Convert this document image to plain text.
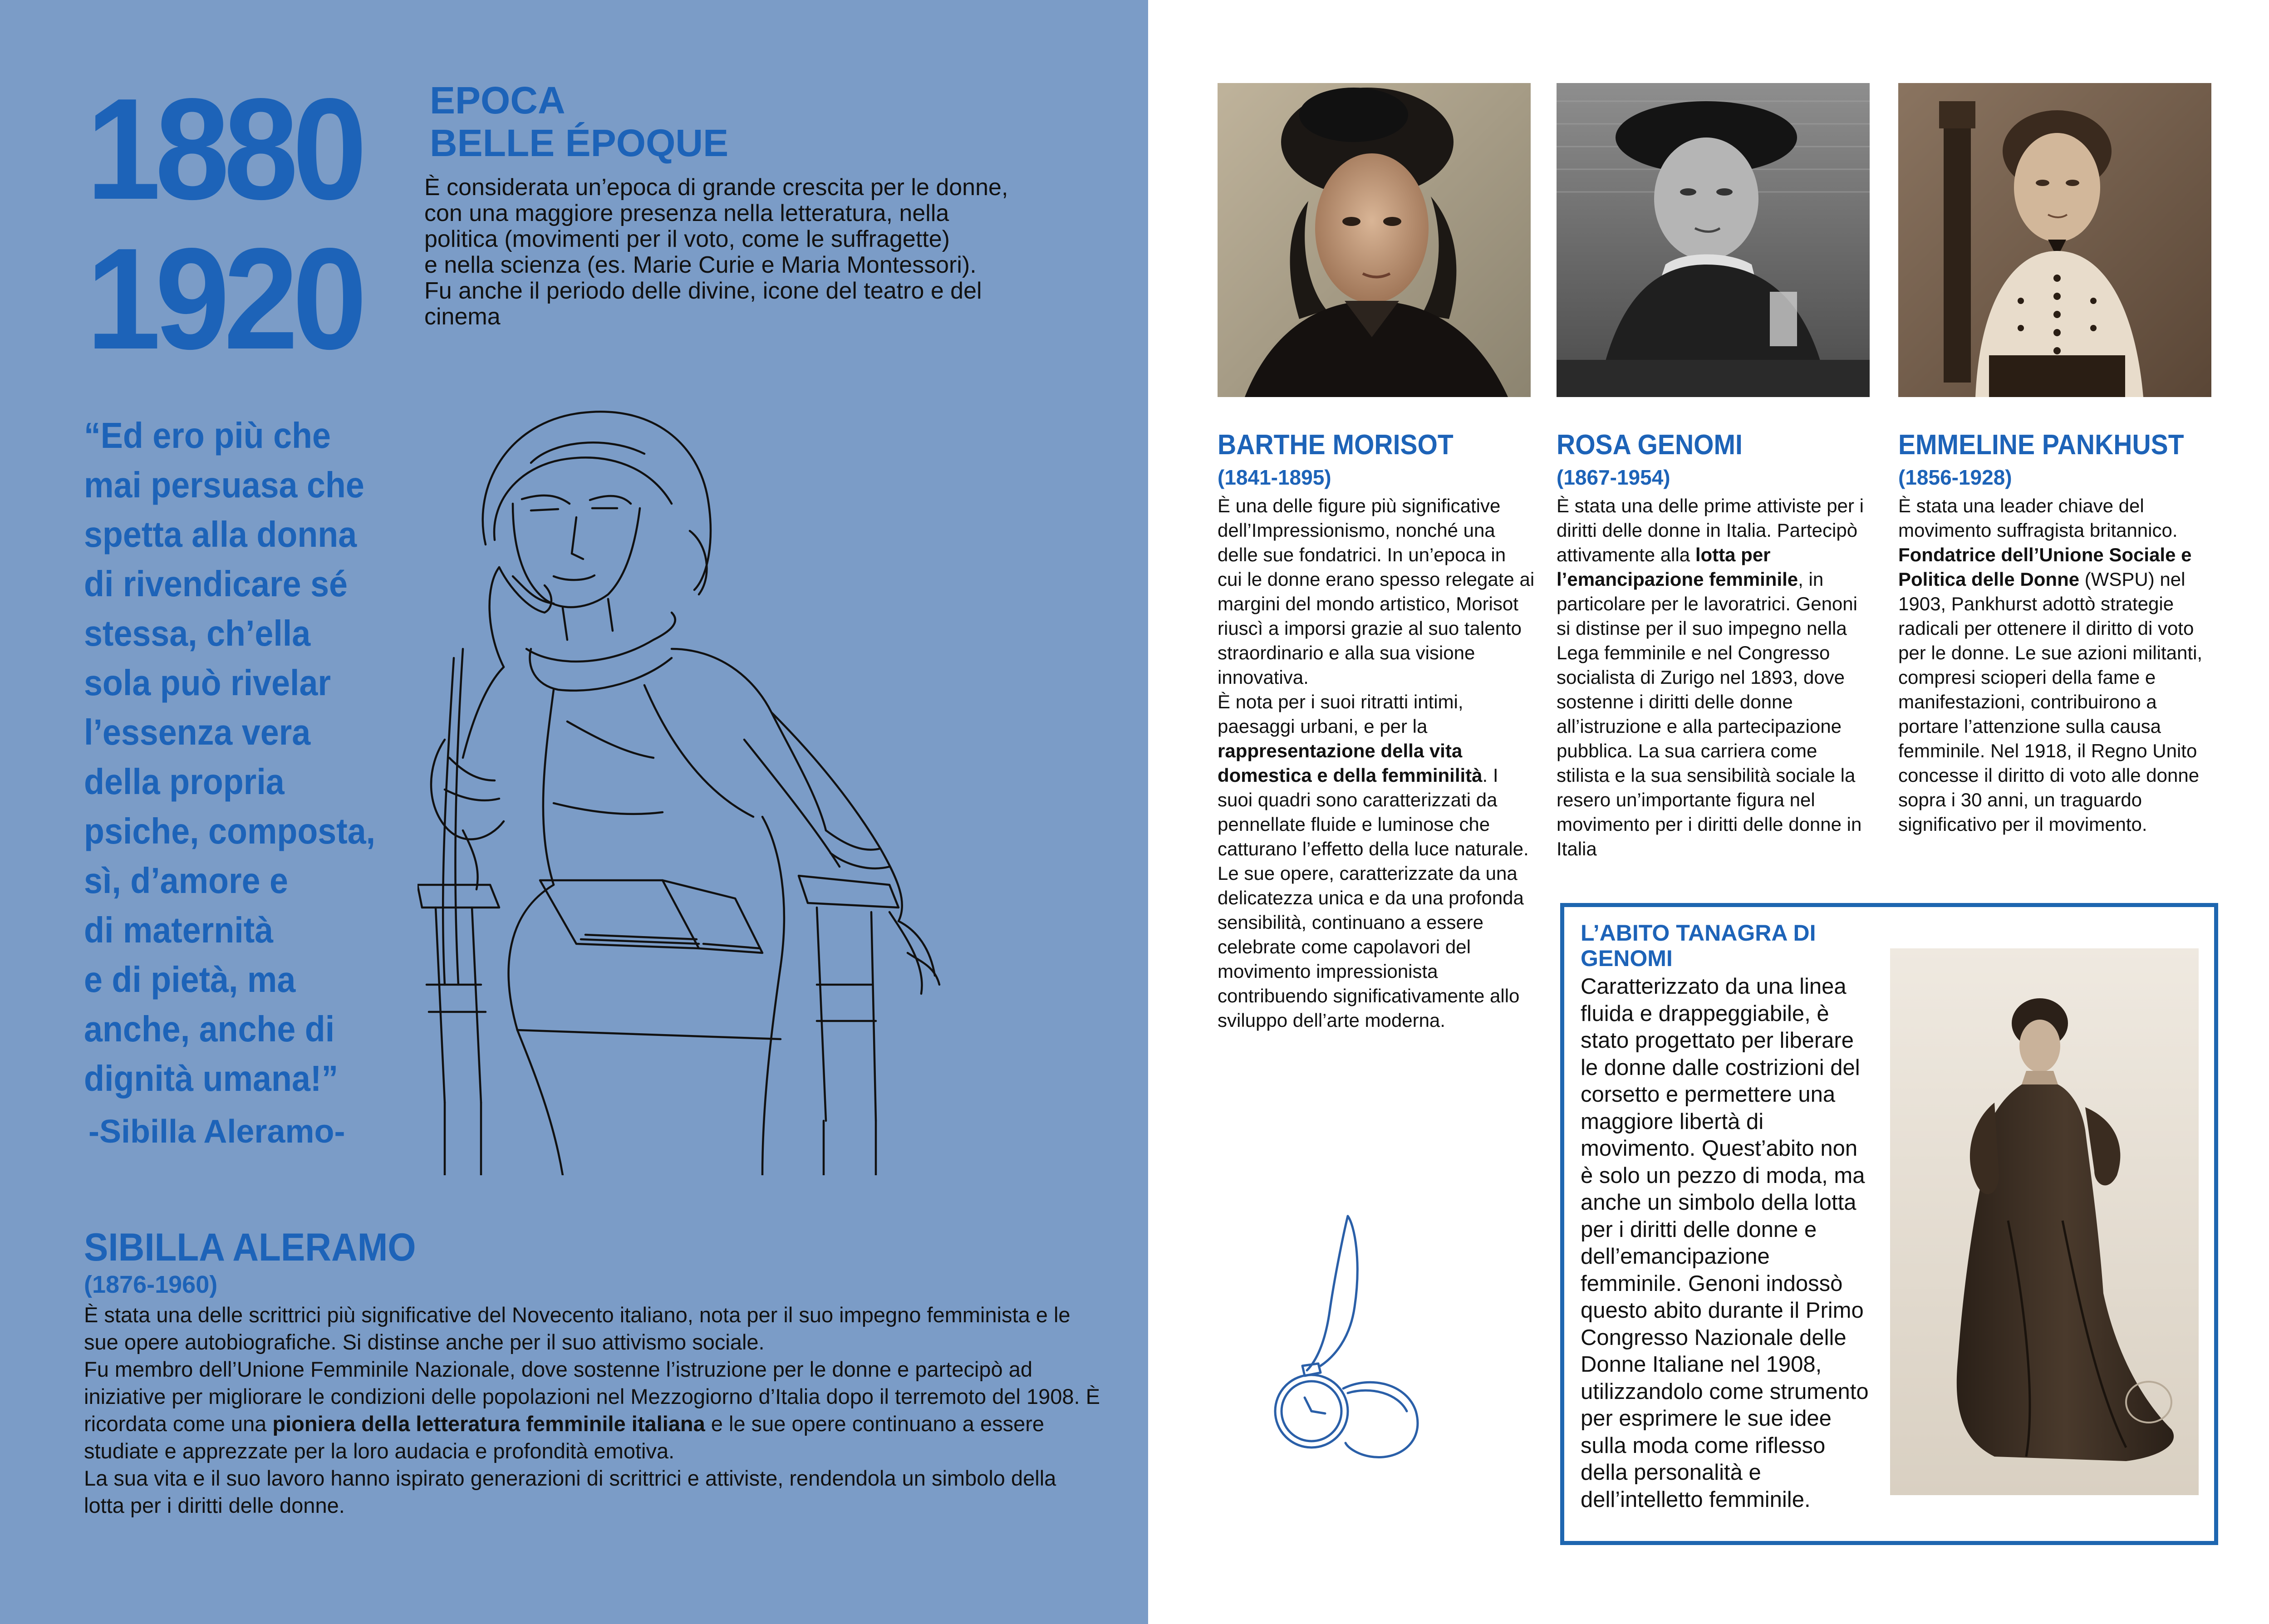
1880
1920
EPOCA
BELLE ÉPOQUE
È considerata un’epoca di grande crescita per le donne,
con una maggiore presenza nella letteratura, nella
politica (movimenti per il voto, come le suffragette)
e nella scienza (es. Marie Curie e Maria Montessori).
Fu anche il periodo delle divine, icone del teatro e del
cinema
“Ed ero più che
mai persuasa che
spetta alla donna
di rivendicare sé
stessa, ch’ella
sola può rivelar
l’essenza vera
della propria
psiche, composta,
sì, d’amore e
di maternità
e di pietà, ma
anche, anche di
dignità umana!”
-Sibilla Aleramo-
SIBILLA ALERAMO
(1876-1960)

È stata una delle scrittrici più significative del Novecento italiano, nota per il suo impegno femminista e le sue opere autobiografiche. Si distinse anche per il suo attivismo sociale.

Fu membro dell’Unione Femminile Nazionale, dove sostenne l’istruzione per le donne e partecipò ad iniziative per migliorare le condizioni delle popolazioni nel Mezzogiorno d’Italia dopo il terremoto del 1908. È ricordata come una pioniera della letteratura femminile italiana e le sue opere continuano a essere studiate e apprezzate per la loro audacia e profondità emotiva.

La sua vita e il suo lavoro hanno ispirato generazioni di scrittrici e attiviste, rendendola un simbolo della lotta per i diritti delle donne.

BARTHE MORISOT
(1841-1895)

È una delle figure più significative dell’Impressionismo, nonché una delle sue fondatrici. In un’epoca in cui le donne erano spesso relegate ai margini del mondo artistico, Morisot riuscì a imporsi grazie al suo talento straordinario e alla sua visione innovativa.

È nota per i suoi ritratti intimi, paesaggi urbani, e per la rappresentazione della vita domestica e della femminilità. I suoi quadri sono caratterizzati da pennellate fluide e luminose che catturano l’effetto della luce naturale.

Le sue opere, caratterizzate da una delicatezza unica e da una profonda sensibilità, continuano a essere celebrate come capolavori del movimento impressionista contribuendo significativamente allo sviluppo dell’arte moderna.

ROSA GENOMI
(1867-1954)

È stata una delle prime attiviste per i diritti delle donne in Italia. Partecipò attivamente alla lotta per l’emancipazione femminile, in particolare per le lavoratrici. Genoni si distinse per il suo impegno nella Lega femminile e nel Congresso socialista di Zurigo nel 1893, dove sostenne i diritti delle donne all’istruzione e alla partecipazione pubblica. La sua carriera come stilista e la sua sensibilità sociale la resero un’importante figura nel movimento per i diritti delle donne in Italia

EMMELINE PANKHUST
(1856-1928)

È stata una leader chiave del movimento suffragista britannico. Fondatrice dell’Unione Sociale e Politica delle Donne (WSPU) nel 1903, Pankhurst adottò strategie radicali per ottenere il diritto di voto per le donne. Le sue azioni militanti, compresi scioperi della fame e manifestazioni, contribuirono a portare l’attenzione sulla causa femminile. Nel 1918, il Regno Unito concesse il diritto di voto alle donne sopra i 30 anni, un traguardo significativo per il movimento.

L’ABITO TANAGRA DI GENOMI
Caratterizzato da una linea fluida e drappeggiabile, è stato progettato per liberare le donne dalle costrizioni del corsetto e permettere una maggiore libertà di movimento. Quest’abito non è solo un pezzo di moda, ma anche un simbolo della lotta per i diritti delle donne e dell’emancipazione femminile. Genoni indossò questo abito durante il Primo Congresso Nazionale delle Donne Italiane nel 1908, utilizzandolo come strumento per esprimere le sue idee sulla moda come riflesso della personalità e dell’intelletto femminile.
